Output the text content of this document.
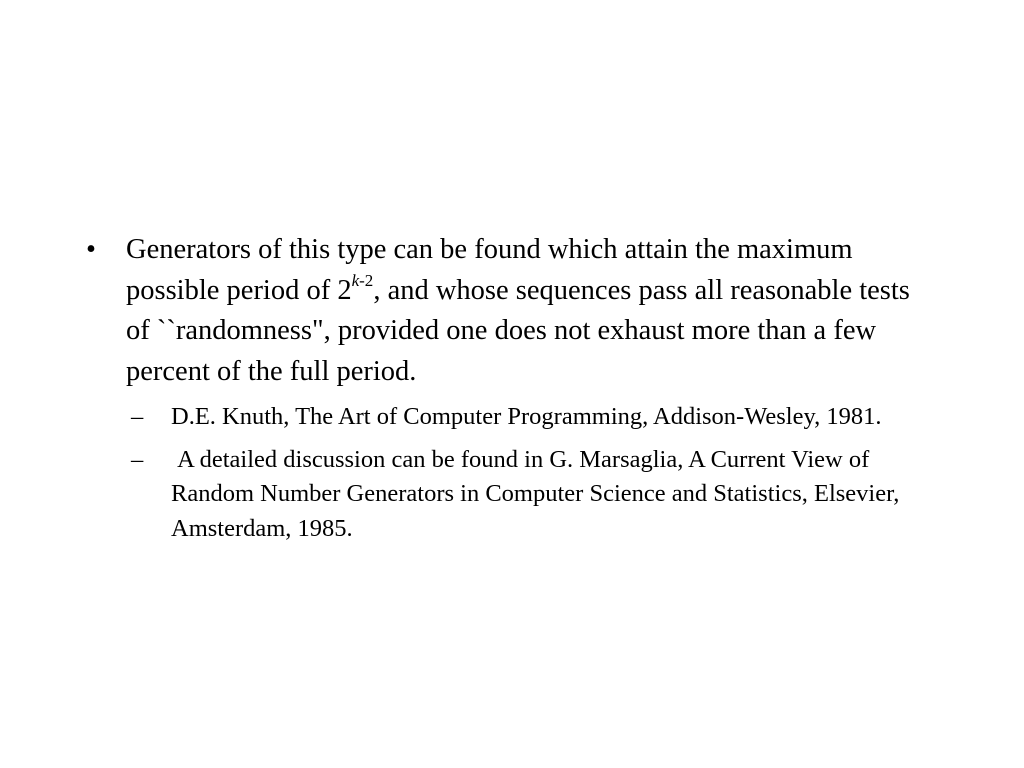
•	Generators of this type can be found which attain the maximum possible period of 2$^{k-2}$, and whose sequences pass all reasonable tests of ``randomness", provided one does not exhaust more than a few percent of the full period.
–	D.E. Knuth, The Art of Computer Programming, Addison-Wesley, 1981.
–	A detailed discussion can be found in G. Marsaglia, A Current View of Random Number Generators in Computer Science and Statistics, Elsevier, Amsterdam, 1985.
